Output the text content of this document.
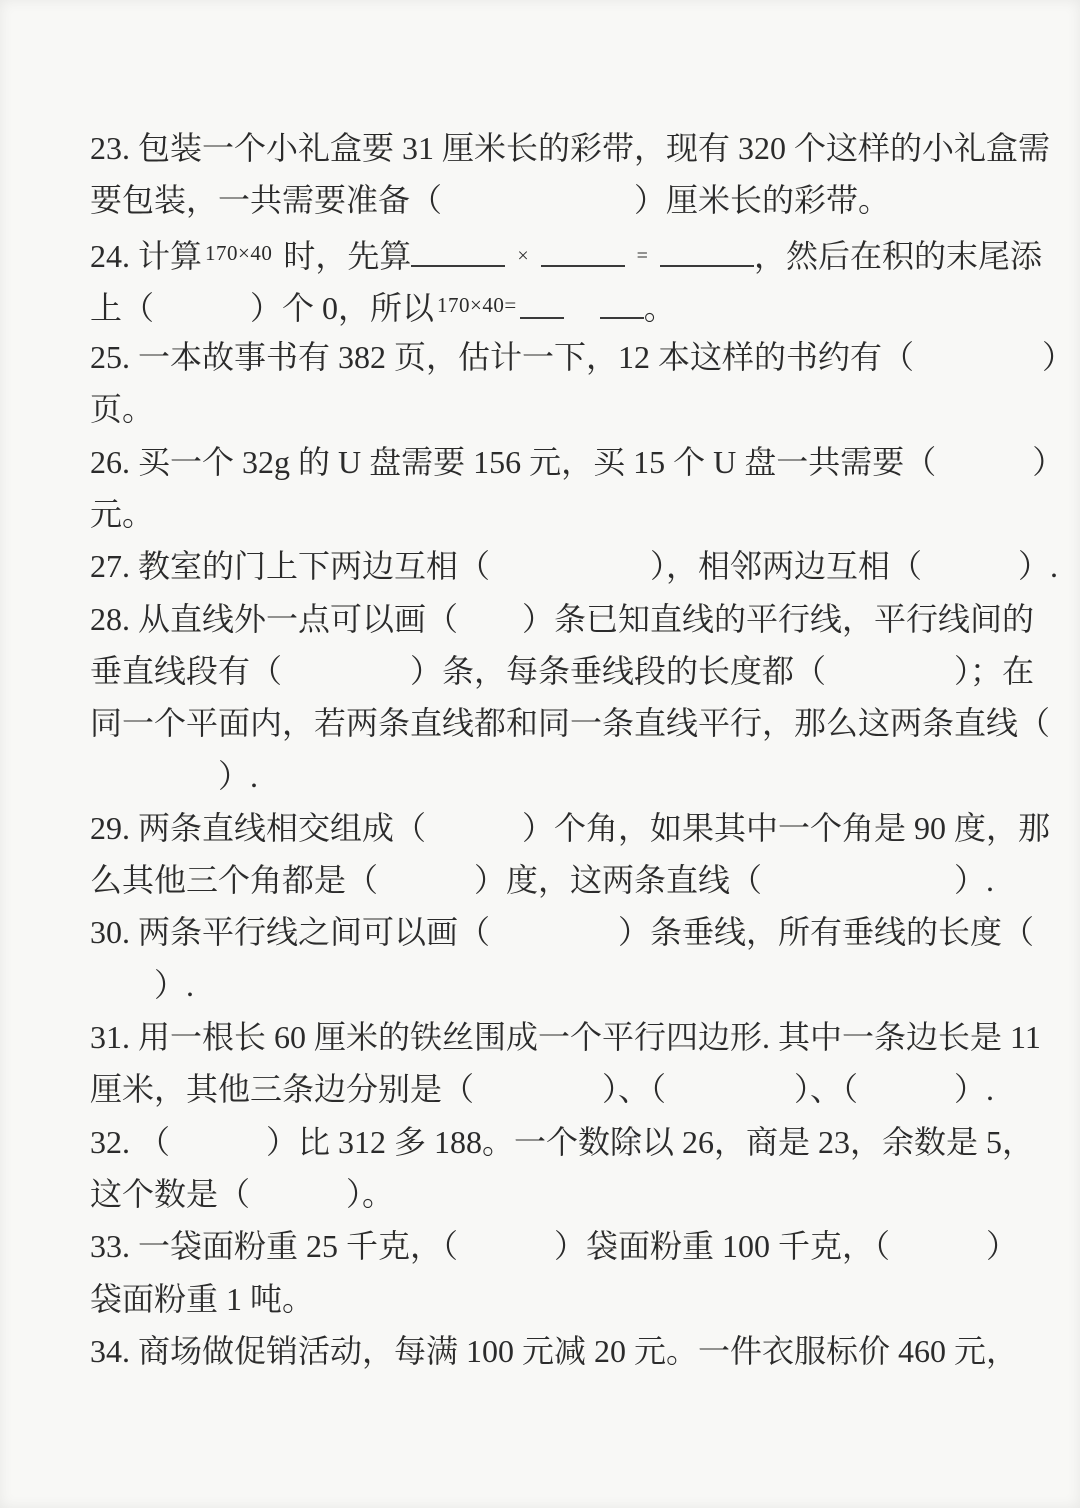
23. 包装一个小礼盒要 31 厘米长的彩带，现有 320 个这样的小礼盒需

要包装，一共需要准备（　　　　　　）厘米长的彩带。

24. 计算 $^{170\times 40}$ 时，先算	×	=	，然后在积的末尾添

上（　　　）个 0，所以 $^{170\times 40=}$	。

25. 一本故事书有 382 页，估计一下，12 本这样的书约有（　　　　）

页。

26. 买一个 32g 的 U 盘需要 156 元，买 15 个 U 盘一共需要（　　　）

元。

27. 教室的门上下两边互相（　　　　　），相邻两边互相（　　　）.

28. 从直线外一点可以画（　　）条已知直线的平行线，平行线间的

垂直线段有（　　　　）条，每条垂线段的长度都（　　　　）；在

同一个平面内，若两条直线都和同一条直线平行，那么这两条直线（

　　　　）.

29. 两条直线相交组成（　　　）个角，如果其中一个角是 90 度，那

么其他三个角都是（　　　）度，这两条直线（　　　　　　）.

30. 两条平行线之间可以画（　　　　）条垂线，所有垂线的长度（

　　）.

31. 用一根长 60 厘米的铁丝围成一个平行四边形. 其中一条边长是 11

厘米，其他三条边分别是（　　　　）、（　　　　）、（　　　）.

32. （　　　）比 312 多 188。一个数除以 26，商是 23，余数是 5，

这个数是（　　　）。

33. 一袋面粉重 25 千克，（　　　）袋面粉重 100 千克，（　　　）

袋面粉重 1 吨。

34. 商场做促销活动，每满 100 元减 20 元。一件衣服标价 460 元，
